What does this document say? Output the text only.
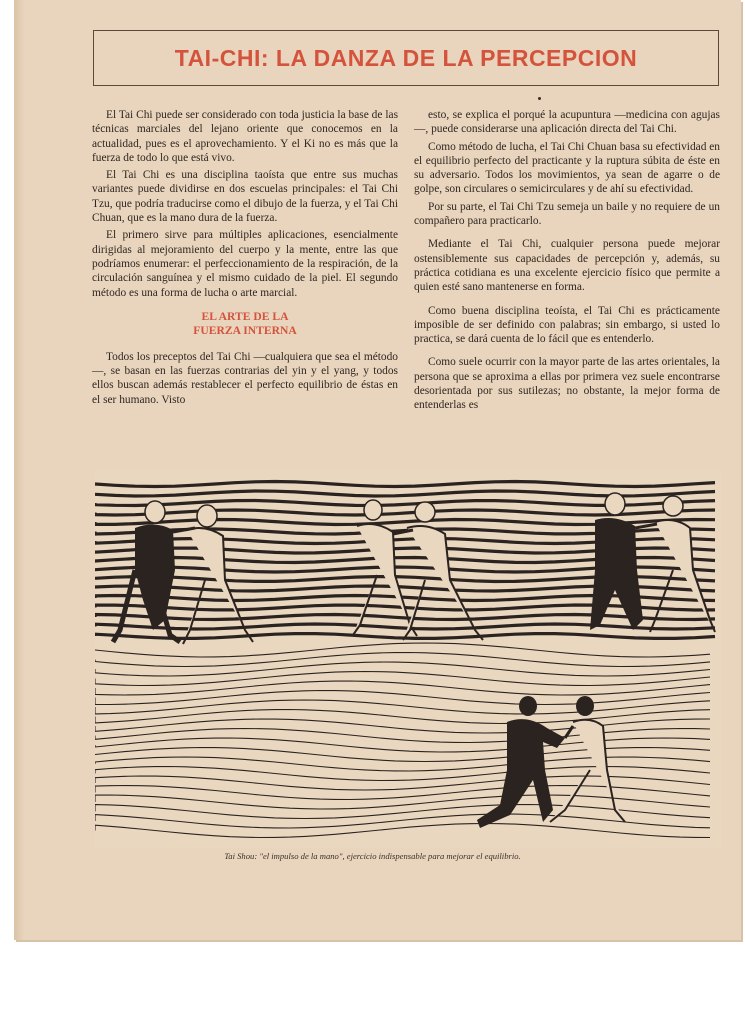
TAI-CHI: LA DANZA DE LA PERCEPCION

El Tai Chi puede ser considerado con toda justicia la base de las técnicas marciales del lejano oriente que conocemos en la actualidad, pues es el aprovechamiento. Y el Ki no es más que la fuerza de todo lo que está vivo.

El Tai Chi es una disciplina taoísta que entre sus muchas variantes puede dividirse en dos escuelas principales: el Tai Chi Tzu, que podría traducirse como el dibujo de la fuerza, y el Tai Chi Chuan, que es la mano dura de la fuerza.

El primero sirve para múltiples aplicaciones, esencialmente dirigidas al mejoramiento del cuerpo y la mente, entre las que podríamos enumerar: el perfeccionamiento de la respiración, de la circulación sanguínea y el mismo cuidado de la piel. El segundo método es una forma de lucha o arte marcial.

EL ARTE DE LA
FUERZA INTERNA

Todos los preceptos del Tai Chi —cualquiera que sea el método—, se basan en las fuerzas contrarias del yin y el yang, y todos ellos buscan además restablecer el perfecto equilibrio de éstas en el ser humano. Visto

esto, se explica el porqué la acupuntura —medicina con agujas—, puede considerarse una aplicación directa del Tai Chi.

Como método de lucha, el Tai Chi Chuan basa su efectividad en el equilibrio perfecto del practicante y la ruptura súbita de éste en su adversario. Todos los movimientos, ya sean de agarre o de golpe, son circulares o semicirculares y de ahí su efectividad.

Por su parte, el Tai Chi Tzu semeja un baile y no requiere de un compañero para practicarlo.

Mediante el Tai Chi, cualquier persona puede mejorar ostensiblemente sus capacidades de percepción y, además, su práctica cotidiana es una excelente ejercicio físico que permite a quien esté sano mantenerse en forma.

Como buena disciplina teoísta, el Tai Chi es prácticamente imposible de ser definido con palabras; sin embargo, si usted lo practica, se dará cuenta de lo fácil que es entenderlo.

Como suele ocurrir con la mayor parte de las artes orientales, la persona que se aproxima a ellas por primera vez suele encontrarse desorientada por sus sutilezas; no obstante, la mejor forma de entenderlas es

Tai Shou: "el impulso de la mano", ejercicio indispensable para mejorar el equilibrio.
